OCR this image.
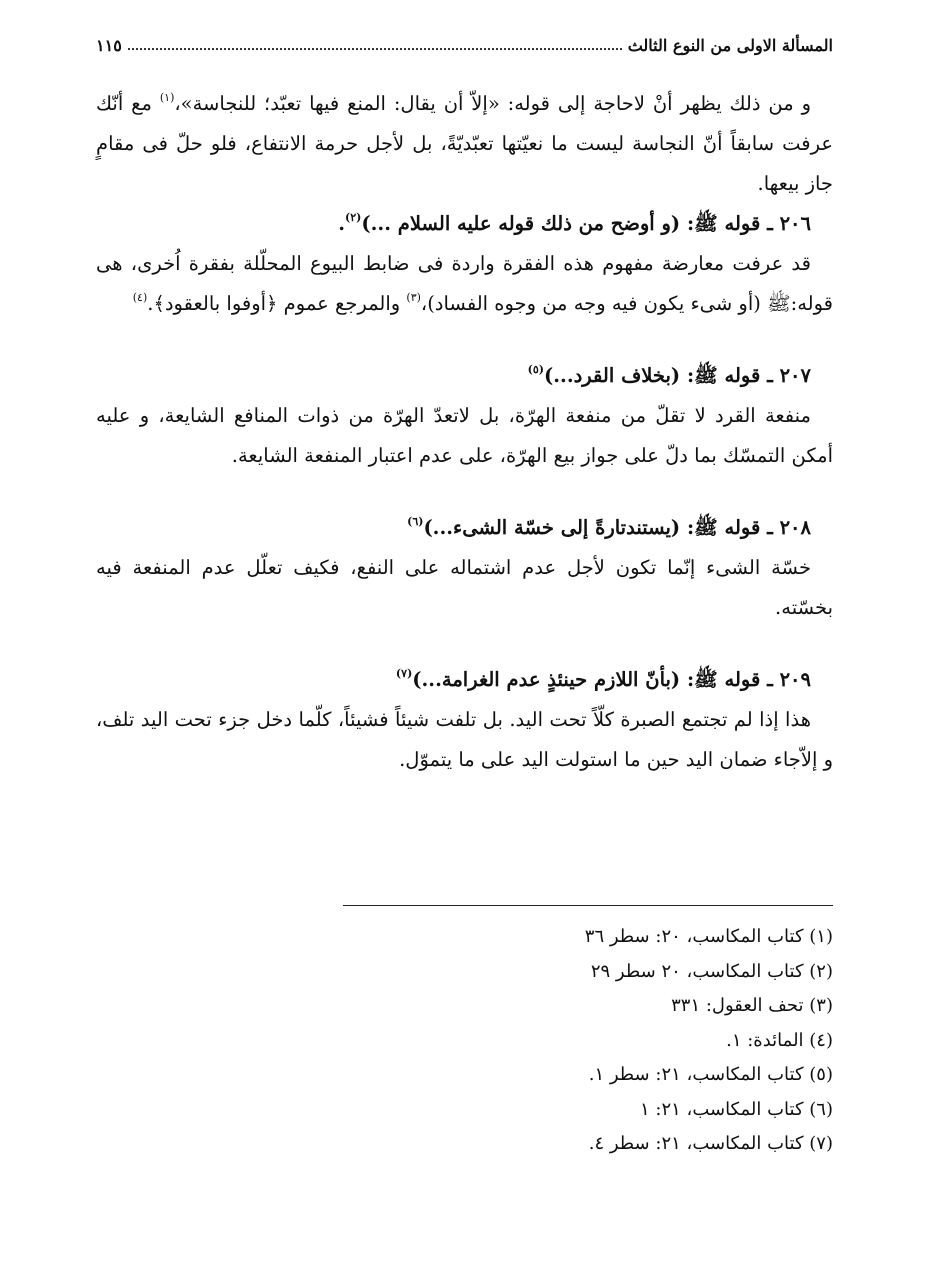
المسألة الاولى من النوع الثالث
١١٥

و من ذلك يظهر أنْ لاحاجة إلى قوله: «إلاّ أن يقال: المنع فيها تعبّد؛ للنجاسة»،$^{(١)}$ مع أنّك عرفت سابقاً أنّ النجاسة ليست ما نعيّتها تعبّديّةً، بل لأجل حرمة الانتفاع، فلو حلّ فى مقامٍ جاز بيعها.

٢٠٦ ـ قوله ﷺ: (و أوضح من ذلك قوله عليه السلام ...)$^{(٢)}$.

قد عرفت معارضة مفهوم هذه الفقرة واردة فى ضابط البيوع المحلّلة بفقرة اُخرى، هى قوله:ﷺ (أو شىء يكون فيه وجه من وجوه الفساد)،$^{(٣)}$ والمرجع عموم ﴿أوفوا بالعقود﴾.$^{(٤)}$

٢٠٧ ـ قوله ﷺ: (بخلاف القرد...)$^{(٥)}$

منفعة القرد لا تقلّ من منفعة الهرّة، بل لاتعدّ الهرّة من ذوات المنافع الشايعة، و عليه أمكن التمسّك بما دلّ على جواز بيع الهرّة، على عدم اعتبار المنفعة الشايعة.

٢٠٨ ـ قوله ﷺ: (يستندتارةً إلى خسّة الشىء...)$^{(٦)}$

خسّة الشىء إنّما تكون لأجل عدم اشتماله على النفع، فكيف تعلّل عدم المنفعة فيه بخسّته.

٢٠٩ ـ قوله ﷺ: (بأنّ اللازم حينئذٍ عدم الغرامة...)$^{(٧)}$

هذا إذا لم تجتمع الصبرة كلّاً تحت اليد. بل تلفت شيئاً فشيئاً، كلّما دخل جزء تحت اليد تلف، و إلاّجاء ضمان اليد حين ما استولت اليد على ما يتموّل.

(١) كتاب المكاسب، ٢٠: سطر ٣٦
(٢) كتاب المكاسب، ٢٠ سطر ٢٩
(٣) تحف العقول: ٣٣١
(٤) المائدة: ١.
(٥) كتاب المكاسب، ٢١: سطر ١.
(٦) كتاب المكاسب، ٢١: ١
(٧) كتاب المكاسب، ٢١: سطر ٤.
